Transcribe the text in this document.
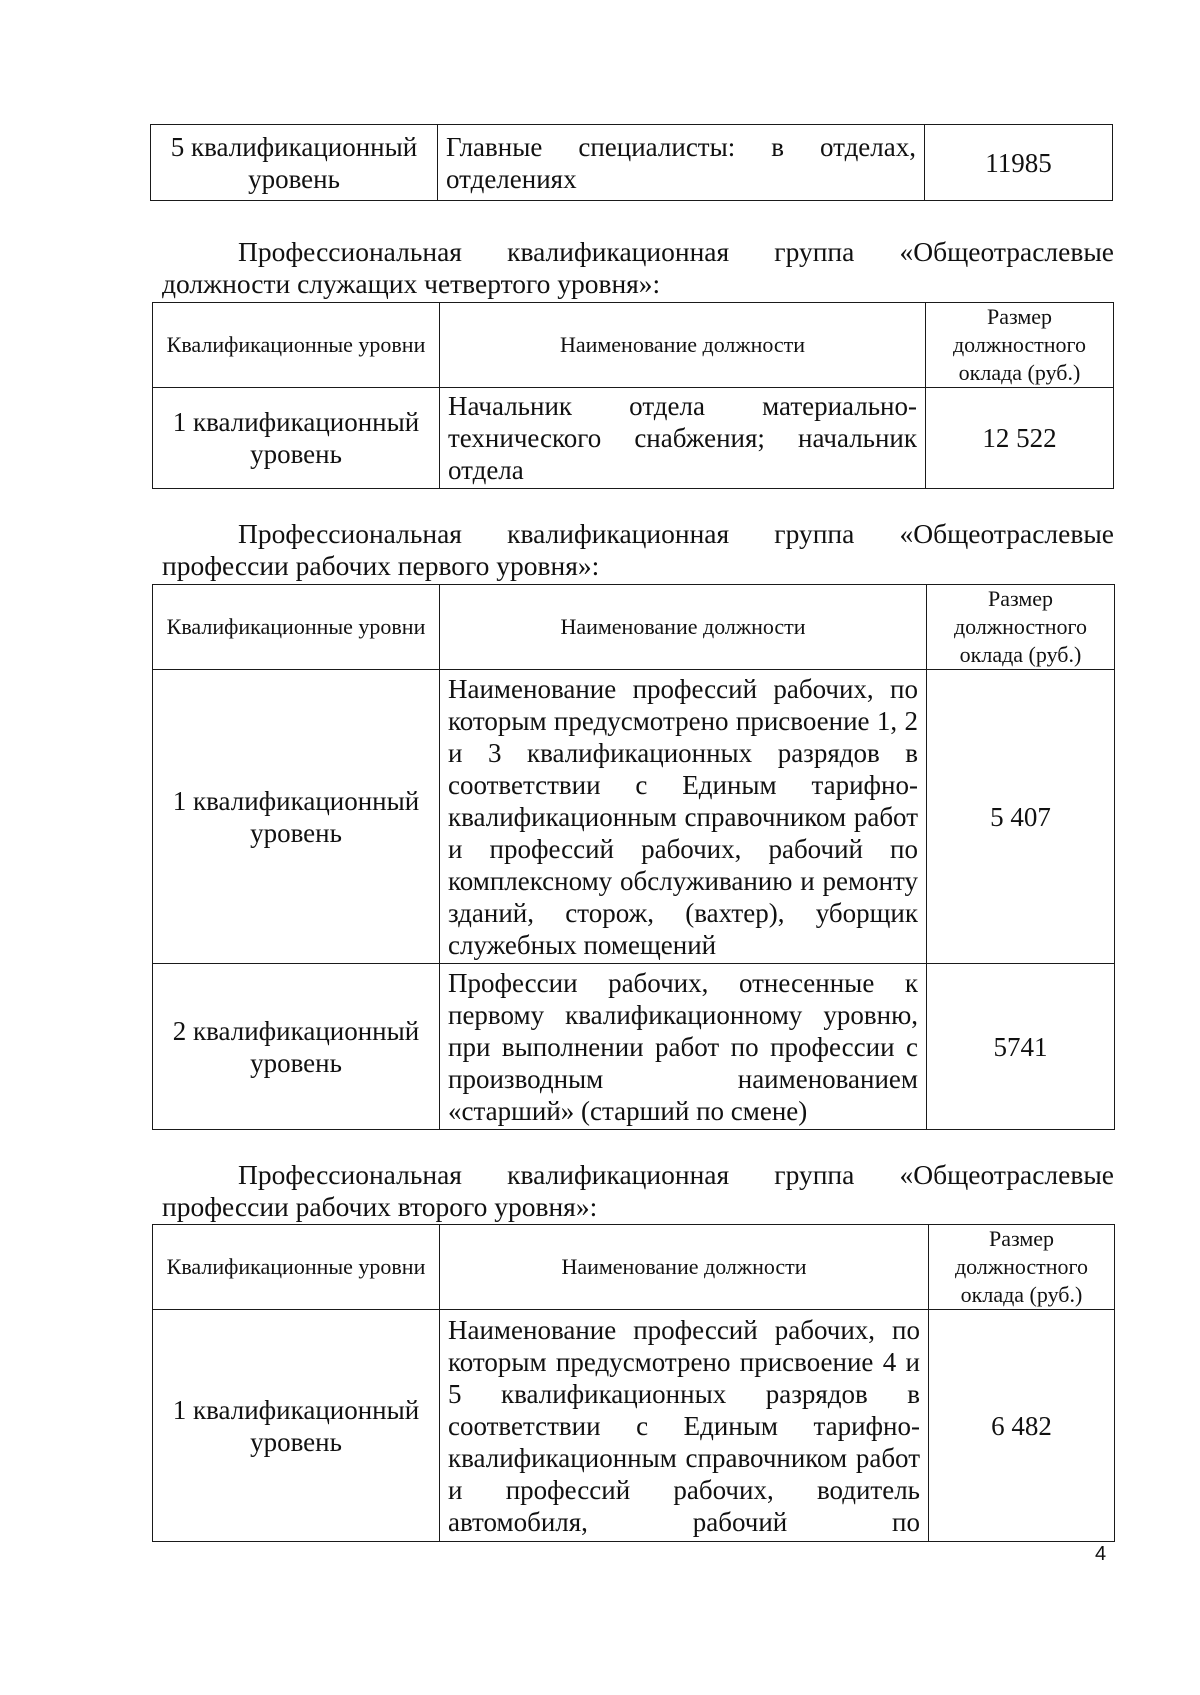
5 квалификационный уровень	Главные специалисты: в отделах, отделениях	11985
Профессиональная квалификационная группа «Общеотраслевые
должности служащих четвертого уровня»:
Квалификационные уровни	Наименование должности	Размер должностного оклада (руб.)
1 квалификационный уровень	Начальник отдела материально-технического снабжения; начальник отдела	12 522
Профессиональная квалификационная группа «Общеотраслевые
профессии рабочих первого уровня»:
Квалификационные уровни	Наименование должности	Размер должностного оклада (руб.)
1 квалификационный уровень	Наименование профессий рабочих, по которым предусмотрено присвоение 1, 2 и 3 квалификационных разрядов в соответствии с Единым тарифно-квалификационным справочником работ и профессий рабочих, рабочий по комплексному обслуживанию и ремонту зданий, сторож, (вахтер), уборщик служебных помещений	5 407
2 квалификационный уровень	Профессии рабочих, отнесенные к первому квалификационному уровню, при выполнении работ по профессии с производным наименованием «старший» (старший по смене)	5741
Профессиональная квалификационная группа «Общеотраслевые
профессии рабочих второго уровня»:
Квалификационные уровни	Наименование должности	Размер должностного оклада (руб.)
1 квалификационный уровень	Наименование профессий рабочих, по которым предусмотрено присвоение 4 и 5 квалификационных разрядов в соответствии с Единым тарифно-квалификационным справочником работ и профессий рабочих, водитель автомобиля, рабочий по	6 482
4
